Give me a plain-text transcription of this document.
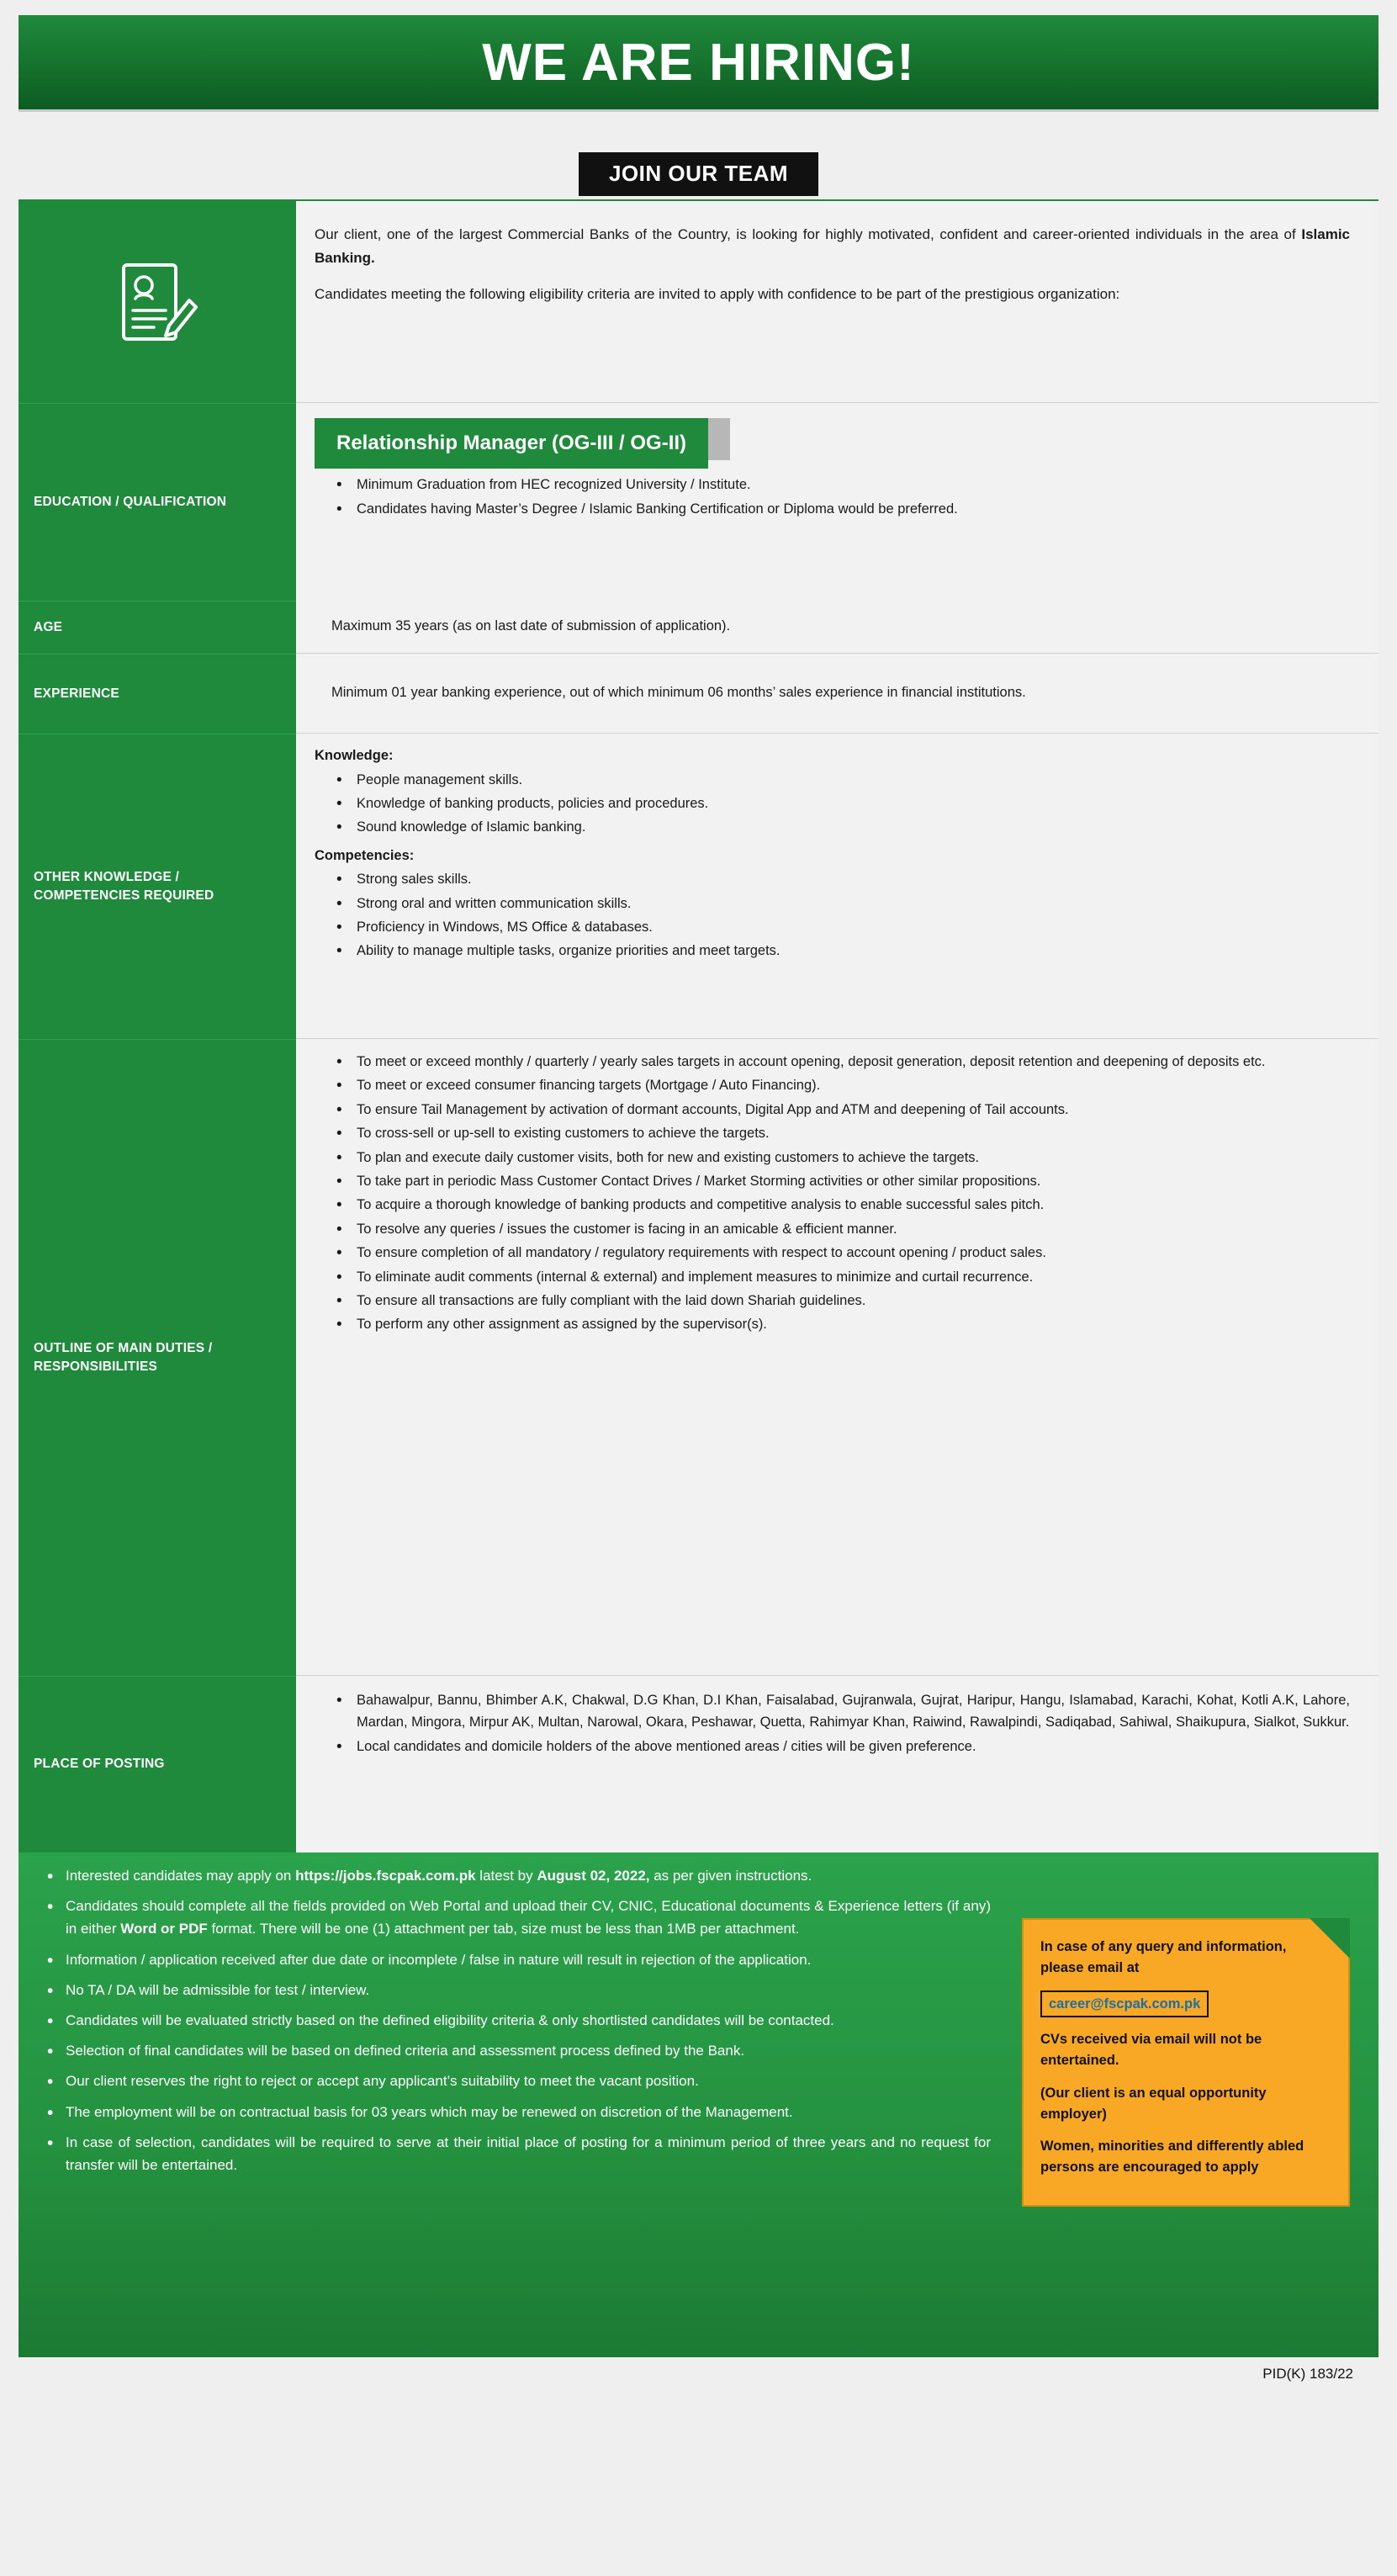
WE ARE HIRING!
JOIN OUR TEAM
EDUCATION / QUALIFICATION
AGE
EXPERIENCE
OTHER KNOWLEDGE / COMPETENCIES REQUIRED
OUTLINE OF MAIN DUTIES / RESPONSIBILITIES
PLACE OF POSTING

Our client, one of the largest Commercial Banks of the Country, is looking for highly motivated, confident and career-oriented individuals in the area of Islamic Banking.

Candidates meeting the following eligibility criteria are invited to apply with confidence to be part of the prestigious organization:

Relationship Manager (OG-III / OG-II)
• Minimum Graduation from HEC recognized University / Institute.
• Candidates having Master’s Degree / Islamic Banking Certification or Diploma would be preferred.
Maximum 35 years (as on last date of submission of application).
Minimum 01 year banking experience, out of which minimum 06 months’ sales experience in financial institutions.
Knowledge:
• People management skills.
• Knowledge of banking products, policies and procedures.
• Sound knowledge of Islamic banking.
Competencies:
• Strong sales skills.
• Strong oral and written communication skills.
• Proficiency in Windows, MS Office & databases.
• Ability to manage multiple tasks, organize priorities and meet targets.
• To meet or exceed monthly / quarterly / yearly sales targets in account opening, deposit generation, deposit retention and deepening of deposits etc.
• To meet or exceed consumer financing targets (Mortgage / Auto Financing).
• To ensure Tail Management by activation of dormant accounts, Digital App and ATM and deepening of Tail accounts.
• To cross-sell or up-sell to existing customers to achieve the targets.
• To plan and execute daily customer visits, both for new and existing customers to achieve the targets.
• To take part in periodic Mass Customer Contact Drives / Market Storming activities or other similar propositions.
• To acquire a thorough knowledge of banking products and competitive analysis to enable successful sales pitch.
• To resolve any queries / issues the customer is facing in an amicable & efficient manner.
• To ensure completion of all mandatory / regulatory requirements with respect to account opening / product sales.
• To eliminate audit comments (internal & external) and implement measures to minimize and curtail recurrence.
• To ensure all transactions are fully compliant with the laid down Shariah guidelines.
• To perform any other assignment as assigned by the supervisor(s).
• Bahawalpur, Bannu, Bhimber A.K, Chakwal, D.G Khan, D.I Khan, Faisalabad, Gujranwala, Gujrat, Haripur, Hangu, Islamabad, Karachi, Kohat, Kotli A.K, Lahore, Mardan, Mingora, Mirpur AK, Multan, Narowal, Okara, Peshawar, Quetta, Rahimyar Khan, Raiwind, Rawalpindi, Sadiqabad, Sahiwal, Shaikupura, Sialkot, Sukkur.
• Local candidates and domicile holders of the above mentioned areas / cities will be given preference.
• Interested candidates may apply on https://jobs.fscpak.com.pk latest by August 02, 2022, as per given instructions.
• Candidates should complete all the fields provided on Web Portal and upload their CV, CNIC, Educational documents & Experience letters (if any) in either Word or PDF format. There will be one (1) attachment per tab, size must be less than 1MB per attachment.
• Information / application received after due date or incomplete / false in nature will result in rejection of the application.
• No TA / DA will be admissible for test / interview.
• Candidates will be evaluated strictly based on the defined eligibility criteria & only shortlisted candidates will be contacted.
• Selection of final candidates will be based on defined criteria and assessment process defined by the Bank.
• Our client reserves the right to reject or accept any applicant’s suitability to meet the vacant position.
• The employment will be on contractual basis for 03 years which may be renewed on discretion of the Management.
• In case of selection, candidates will be required to serve at their initial place of posting for a minimum period of three years and no request for transfer will be entertained.

In case of any query and information, please email at

career@fscpak.com.pk

CVs received via email will not be entertained.

(Our client is an equal opportunity employer)

Women, minorities and differently abled persons are encouraged to apply

PID(K) 183/22
